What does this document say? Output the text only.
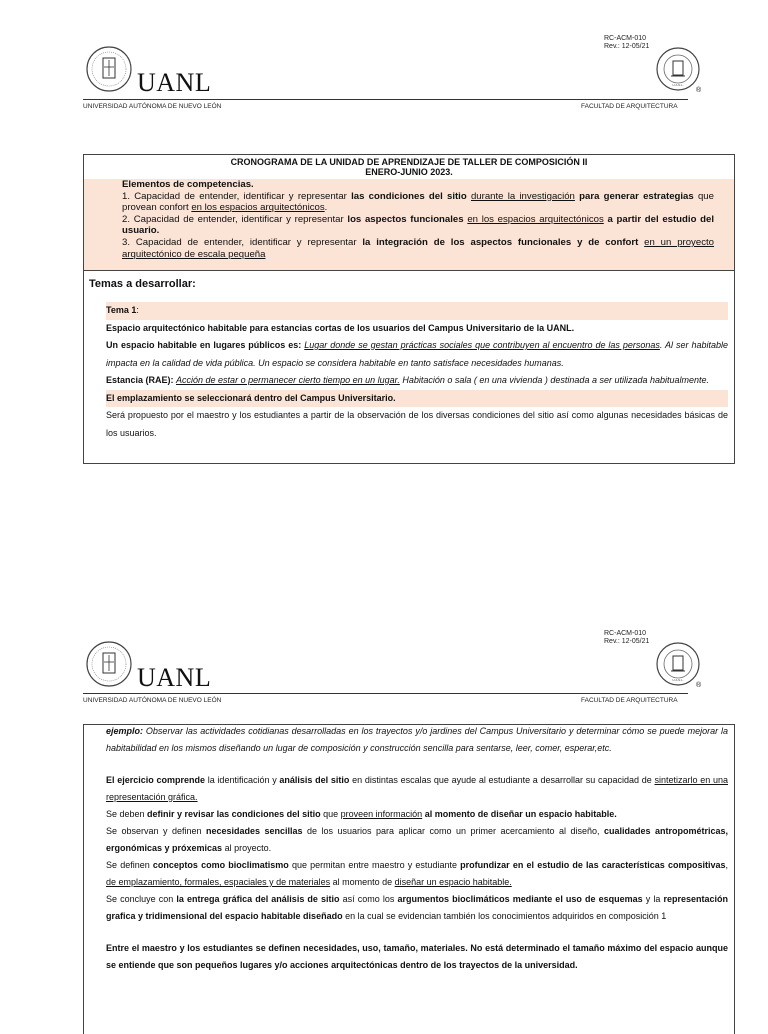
RC-ACM-010
Rev.: 12-05/21
UANL	U.A.N.L.
®
UNIVERSIDAD AUTÓNOMA DE NUEVO LEÓN	FACULTAD DE ARQUITECTURA
CRONOGRAMA DE LA UNIDAD DE APRENDIZAJE DE TALLER DE COMPOSICIÓN II
ENERO-JUNIO 2023.
Elementos de competencias.
1. Capacidad de entender, identificar y representar las condiciones del sitio durante la investigación para generar estrategias que provean confort en los espacios arquitectónicos.
2. Capacidad de entender, identificar y representar los aspectos funcionales en los espacios arquitectónicos a partir del estudio del usuario.
3. Capacidad de entender, identificar y representar la integración de los aspectos funcionales y de confort en un proyecto arquitectónico de escala pequeña
Temas a desarrollar:
Tema 1:
Espacio arquitectónico habitable para estancias cortas de los usuarios del Campus Universitario de la UANL.
Un espacio habitable en lugares públicos es: Lugar donde se gestan prácticas sociales que contribuyen al encuentro de las personas. Al ser habitable impacta en la calidad de vida pública. Un espacio se considera habitable en tanto satisface necesidades humanas.
Estancia (RAE): Acción de estar o permanecer cierto tiempo en un lugar. Habitación o sala ( en una vivienda ) destinada a ser utilizada habitualmente.
El emplazamiento se seleccionará dentro del Campus Universitario.
Será propuesto por el maestro y los estudiantes a partir de la observación de los diversas condiciones del sitio así como algunas necesidades básicas de los usuarios.
RC-ACM-010
Rev.: 12-05/21
UANL	U.A.N.L.
®
UNIVERSIDAD AUTÓNOMA DE NUEVO LEÓN	FACULTAD DE ARQUITECTURA
ejemplo: Observar las actividades cotidianas desarrolladas en los trayectos y/o jardines del Campus Universitario y determinar cómo se puede mejorar la habitabilidad en los mismos diseñando un lugar de composición y construcción sencilla para sentarse, leer, comer, esperar,etc.
El ejercicio comprende la identificación y análisis del sitio en distintas escalas que ayude al estudiante a desarrollar su capacidad de sintetizarlo en una representación gráfica.
Se deben definir y revisar las condiciones del sitio que proveen información al momento de diseñar un espacio habitable.
Se observan y definen necesidades sencillas de los usuarios para aplicar como un primer acercamiento al diseño, cualidades antropométricas, ergonómicas y próxemicas al proyecto.
Se definen conceptos como bioclimatismo que permitan entre maestro y estudiante profundizar en el estudio de las características compositivas, de emplazamiento, formales, espaciales y de materiales al momento de diseñar un espacio habitable.
Se concluye con la entrega gráfica del análisis de sitio así como los argumentos bioclimáticos mediante el uso de esquemas y la representación grafica y tridimensional del espacio habitable diseñado en la cual se evidencian también los conocimientos adquiridos en composición 1
Entre el maestro y los estudiantes se definen necesidades, uso, tamaño, materiales. No está determinado el tamaño máximo del espacio aunque se entiende que son pequeños lugares y/o acciones arquitectónicas dentro de los trayectos de la universidad.
